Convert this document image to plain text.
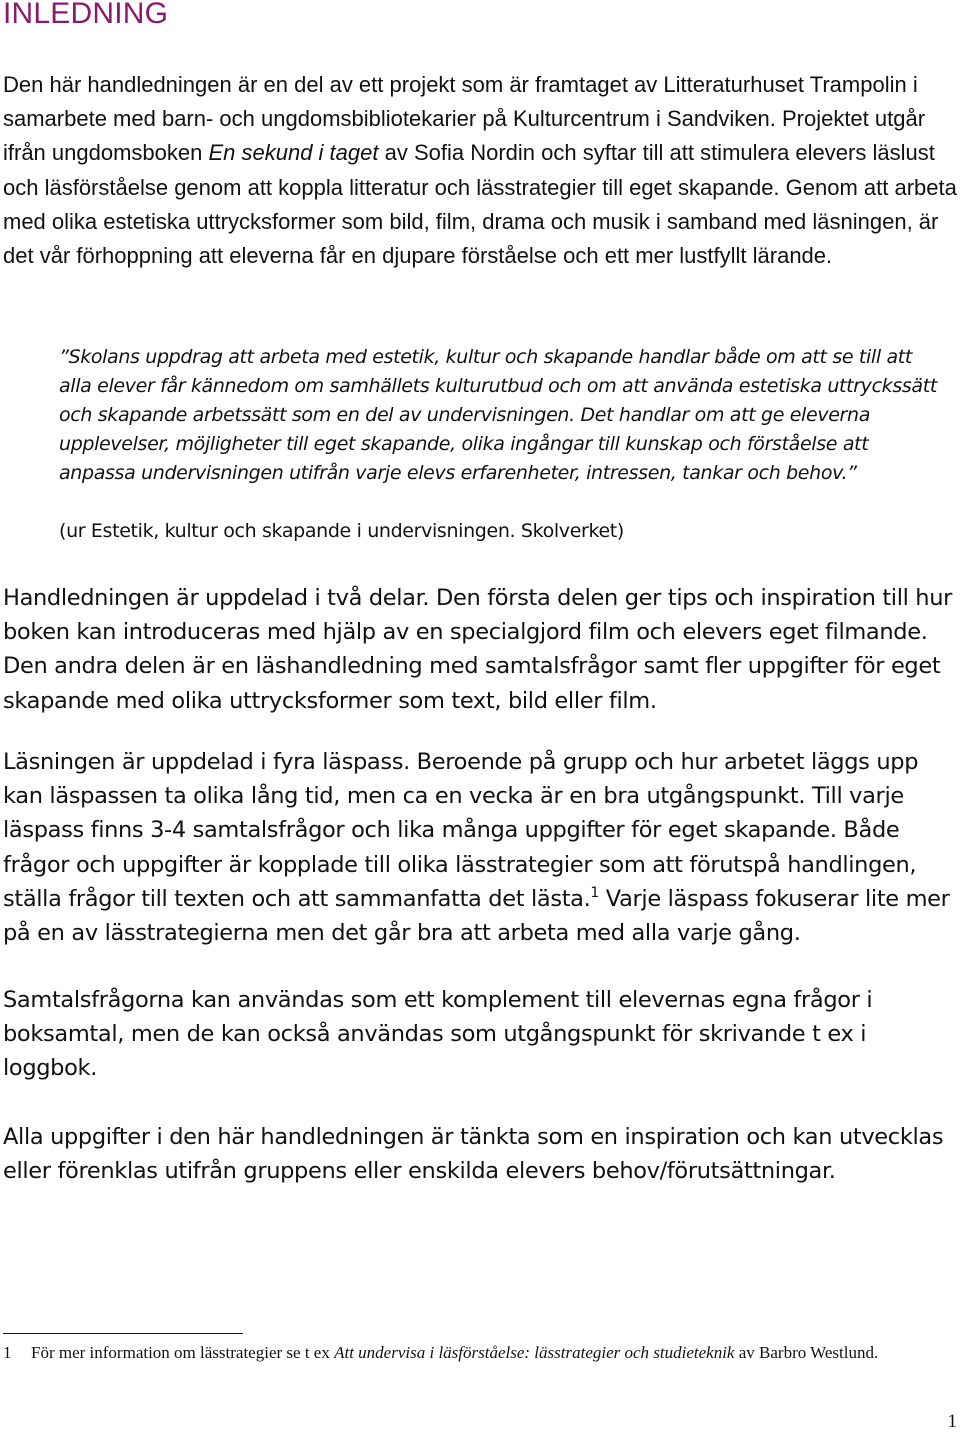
INLEDNING

Den här handledningen är en del av ett projekt som är framtaget av Litteraturhuset Trampolin i samarbete med barn- och ungdomsbibliotekarier på Kulturcentrum i Sandviken. Projektet utgår ifrån ungdomsboken En sekund i taget av Sofia Nordin och syftar till att stimulera elevers läslust och läsförståelse genom att koppla litteratur och lässtrategier till eget skapande. Genom att arbeta med olika estetiska uttrycksformer som bild, film, drama och musik i samband med läsningen, är det vår förhoppning att eleverna får en djupare förståelse och ett mer lustfyllt lärande.

”Skolans uppdrag att arbeta med estetik, kultur och skapande handlar både om att se till att alla elever får kännedom om samhällets kulturutbud och om att använda estetiska uttryckssätt och skapande arbetssätt som en del av undervisningen. Det handlar om att ge eleverna upplevelser, möjligheter till eget skapande, olika ingångar till kunskap och förståelse att anpassa undervisningen utifrån varje elevs erfarenheter, intressen, tankar och behov.”

(ur Estetik, kultur och skapande i undervisningen. Skolverket)

Handledningen är uppdelad i två delar. Den första delen ger tips och inspiration till hur boken kan introduceras med hjälp av en specialgjord film och elevers eget filmande. Den andra delen är en läshandledning med samtalsfrågor samt fler uppgifter för eget skapande med olika uttrycksformer som text, bild eller film.

Läsningen är uppdelad i fyra läspass. Beroende på grupp och hur arbetet läggs upp kan läspassen ta olika lång tid, men ca en vecka är en bra utgångspunkt. Till varje läspass finns 3-4 samtalsfrågor och lika många uppgifter för eget skapande. Både frågor och uppgifter är kopplade till olika lässtrategier som att förutspå handlingen, ställa frågor till texten och att sammanfatta det lästa.$^1$ Varje läspass fokuserar lite mer på en av lässtrategierna men det går bra att arbeta med alla varje gång.

Samtalsfrågorna kan användas som ett komplement till elevernas egna frågor i boksamtal, men de kan också användas som utgångspunkt för skrivande t ex i loggbok.

Alla uppgifter i den här handledningen är tänkta som en inspiration och kan utvecklas eller förenklas utifrån gruppens eller enskilda elevers behov/förutsättningar.

1	För mer information om lässtrategier se t ex Att undervisa i läsförståelse: lässtrategier och studieteknik av Barbro Westlund.

1
